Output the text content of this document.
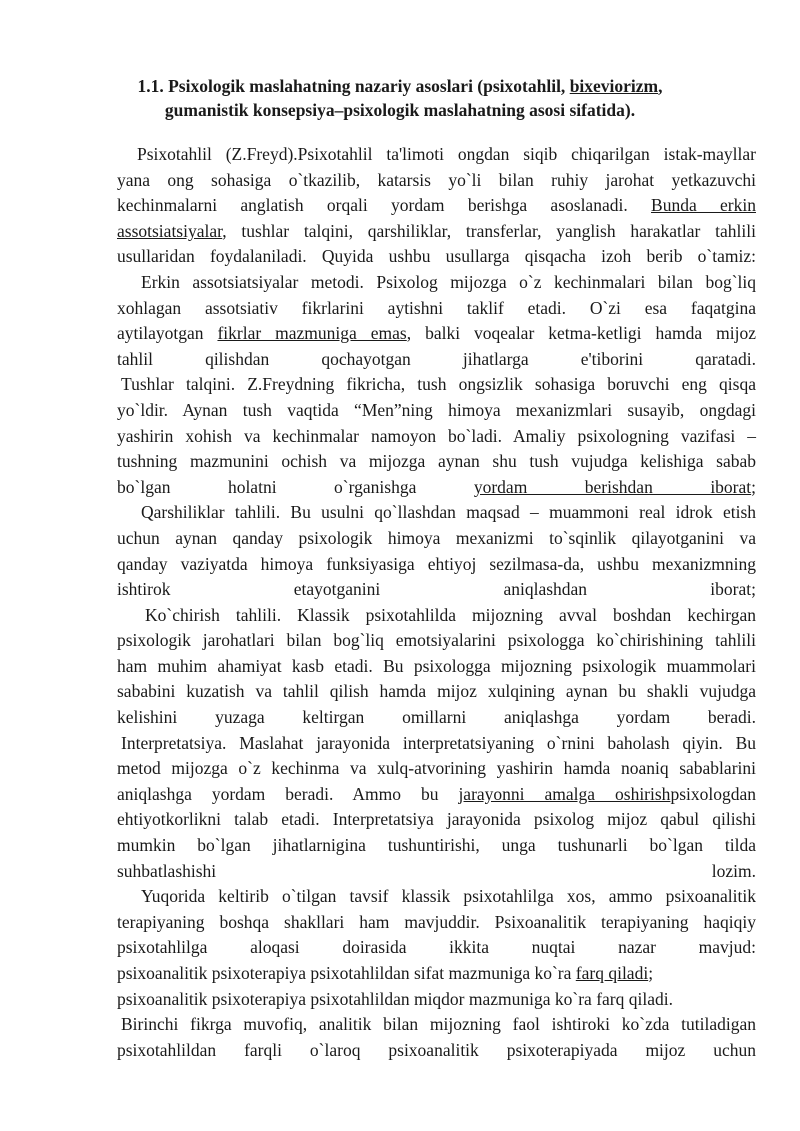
1.1. Psixologik maslahatning nazariy asoslari (psixotahlil, bixeviorizm,
gumanistik konsepsiya–psixologik maslahatning asosi sifatida).
Psixotahlil (Z.Freyd).Psixotahlil ta'limoti ongdan siqib chiqarilgan istak-mayllar
yana ong sohasiga o`tkazilib, katarsis yo`li bilan ruhiy jarohat yetkazuvchi
kechinmalarni anglatish orqali yordam berishga asoslanadi. Bunda erkin
assotsiatsiyalar, tushlar talqini, qarshiliklar, transferlar, yanglish harakatlar tahlili
usullaridan foydalaniladi. Quyida ushbu usullarga qisqacha izoh berib o`tamiz:
Erkin assotsiatsiyalar metodi. Psixolog mijozga o`z kechinmalari bilan bog`liq
xohlagan assotsiativ fikrlarini aytishni taklif etadi. O`zi esa faqatgina
aytilayotgan fikrlar mazmuniga emas, balki voqealar ketma-ketligi hamda mijoz
tahlil qilishdan qochayotgan jihatlarga e'tiborini qaratadi.
Tushlar talqini. Z.Freydning fikricha, tush ongsizlik sohasiga boruvchi eng qisqa
yo`ldir. Aynan tush vaqtida “Men”ning himoya mexanizmlari susayib, ongdagi
yashirin xohish va kechinmalar namoyon bo`ladi. Amaliy psixologning vazifasi –
tushning mazmunini ochish va mijozga aynan shu tush vujudga kelishiga sabab
bo`lgan holatni o`rganishga yordam berishdan iborat;
Qarshiliklar tahlili. Bu usulni qo`llashdan maqsad – muammoni real idrok etish
uchun aynan qanday psixologik himoya mexanizmi to`sqinlik qilayotganini va
qanday vaziyatda himoya funksiyasiga ehtiyoj sezilmasa-da, ushbu mexanizmning
ishtirok etayotganini aniqlashdan iborat;
Ko`chirish tahlili. Klassik psixotahlilda mijozning avval boshdan kechirgan
psixologik jarohatlari bilan bog`liq emotsiyalarini psixologga ko`chirishining tahlili
ham muhim ahamiyat kasb etadi. Bu psixologga mijozning psixologik muammolari
sababini kuzatish va tahlil qilish hamda mijoz xulqining aynan bu shakli vujudga
kelishini yuzaga keltirgan omillarni aniqlashga yordam beradi.
Interpretatsiya. Maslahat jarayonida interpretatsiyaning o`rnini baholash qiyin. Bu
metod mijozga o`z kechinma va xulq-atvorining yashirin hamda noaniq sabablarini
aniqlashga yordam beradi. Ammo bu jarayonni amalga oshirishpsixologdan
ehtiyotkorlikni talab etadi. Interpretatsiya jarayonida psixolog mijoz qabul qilishi
mumkin bo`lgan jihatlarnigina tushuntirishi, unga tushunarli bo`lgan tilda
suhbatlashishi lozim.
Yuqorida keltirib o`tilgan tavsif klassik psixotahlilga xos, ammo psixoanalitik
terapiyaning boshqa shakllari ham mavjuddir. Psixoanalitik terapiyaning haqiqiy
psixotahlilga aloqasi doirasida ikkita nuqtai nazar mavjud:
psixoanalitik psixoterapiya psixotahlildan sifat mazmuniga ko`ra farq qiladi;
psixoanalitik psixoterapiya psixotahlildan miqdor mazmuniga ko`ra farq qiladi.
Birinchi fikrga muvofiq, analitik bilan mijozning faol ishtiroki ko`zda tutiladigan
psixotahlildan farqli o`laroq psixoanalitik psixoterapiyada mijoz uchun
